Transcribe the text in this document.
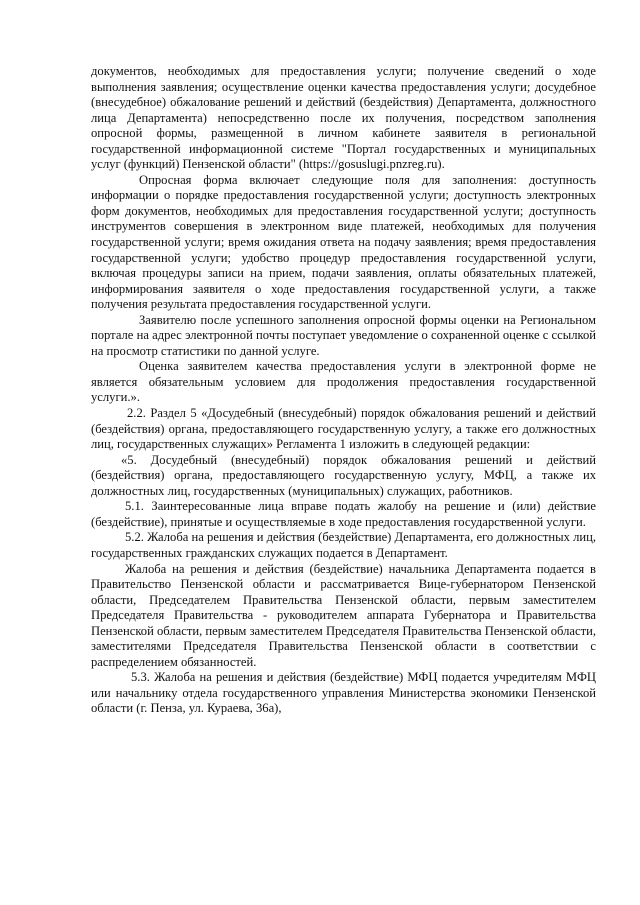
документов, необходимых для предоставления услуги; получение сведений о ходе выполнения заявления; осуществление оценки качества предоставления услуги; досудебное (внесудебное) обжалование решений и действий (бездействия) Департамента, должностного лица Департамента) непосредственно после их получения, посредством заполнения опросной формы, размещенной в личном кабинете заявителя в региональной государственной информационной системе "Портал государственных и муниципальных услуг (функций) Пензенской области" (https://gosuslugi.pnzreg.ru).

Опросная форма включает следующие поля для заполнения: доступность информации о порядке предоставления государственной услуги; доступность электронных форм документов, необходимых для предоставления государственной услуги; доступность инструментов совершения в электронном виде платежей, необходимых для получения государственной услуги; время ожидания ответа на подачу заявления; время предоставления государственной услуги; удобство процедур предоставления государственной услуги, включая процедуры записи на прием, подачи заявления, оплаты обязательных платежей, информирования заявителя о ходе предоставления государственной услуги, а также получения результата предоставления государственной услуги.

Заявителю после успешного заполнения опросной формы оценки на Региональном портале на адрес электронной почты поступает уведомление о сохраненной оценке с ссылкой на просмотр статистики по данной услуге.

Оценка заявителем качества предоставления услуги в электронной форме не является обязательным условием для продолжения предоставления государственной услуги.».

2.2. Раздел 5 «Досудебный (внесудебный) порядок обжалования решений и действий (бездействия) органа, предоставляющего государственную услугу, а также его должностных лиц, государственных служащих» Регламента 1 изложить в следующей редакции:

«5. Досудебный (внесудебный) порядок обжалования решений и действий (бездействия) органа, предоставляющего государственную услугу, МФЦ, а также их должностных лиц, государственных (муниципальных) служащих, работников.

5.1. Заинтересованные лица вправе подать жалобу на решение и (или) действие (бездействие), принятые и осуществляемые в ходе предоставления государственной услуги.

5.2. Жалоба на решения и действия (бездействие) Департамента, его должностных лиц, государственных гражданских служащих подается в Департамент.

Жалоба на решения и действия (бездействие) начальника Департамента подается в Правительство Пензенской области и рассматривается Вице-губернатором Пензенской области, Председателем Правительства Пензенской области, первым заместителем Председателя Правительства - руководителем аппарата Губернатора и Правительства Пензенской области, первым заместителем Председателя Правительства Пензенской области, заместителями Председателя Правительства Пензенской области в соответствии с распределением обязанностей.

5.3. Жалоба на решения и действия (бездействие) МФЦ подается учредителям МФЦ или начальнику отдела государственного управления Министерства экономики Пензенской области (г. Пенза, ул. Кураева, 36а),
